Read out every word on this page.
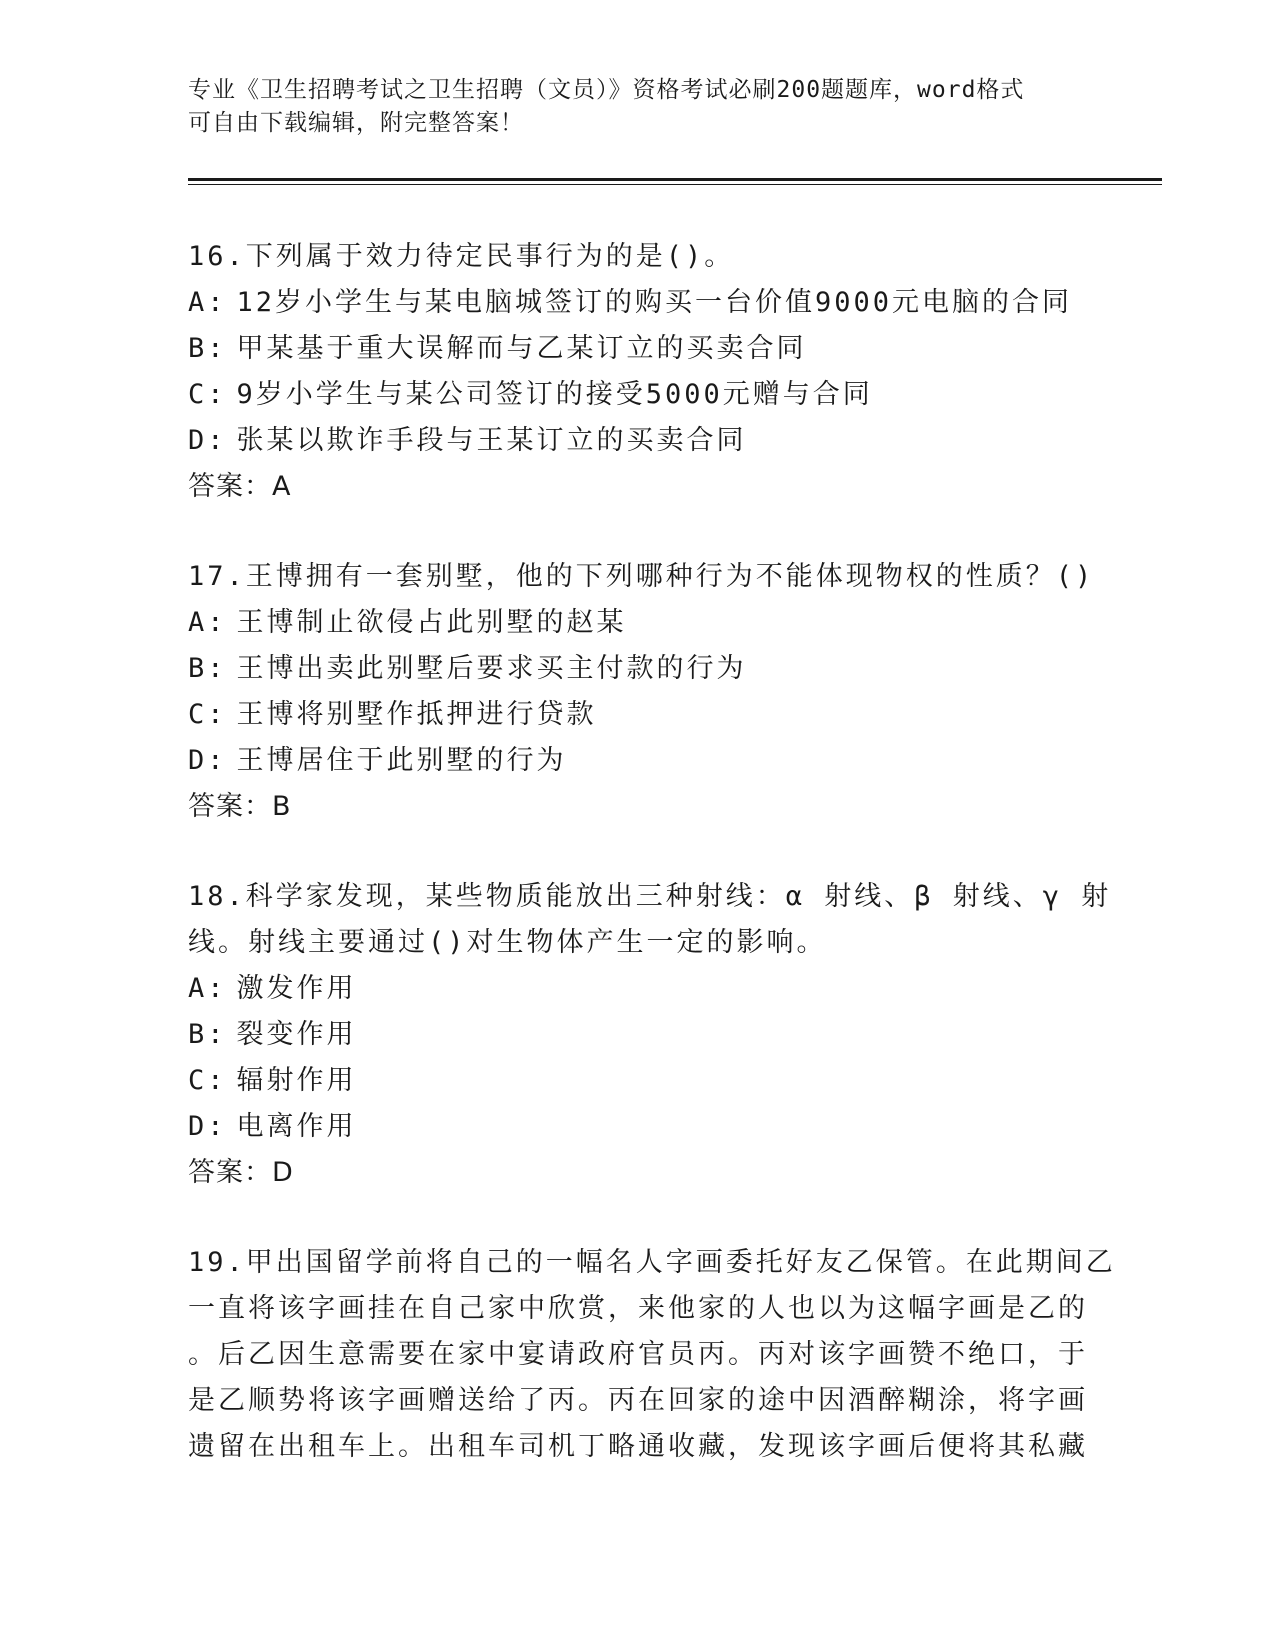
专业《卫生招聘考试之卫生招聘（文员）》资格考试必刷200题题库，word格式
可自由下载编辑，附完整答案！
16.下列属于效力待定民事行为的是()。
A: 12岁小学生与某电脑城签订的购买一台价值9000元电脑的合同
B: 甲某基于重大误解而与乙某订立的买卖合同
C: 9岁小学生与某公司签订的接受5000元赠与合同
D: 张某以欺诈手段与王某订立的买卖合同
答案：A
17.王博拥有一套别墅，他的下列哪种行为不能体现物权的性质？()
A: 王博制止欲侵占此别墅的赵某
B: 王博出卖此别墅后要求买主付款的行为
C: 王博将别墅作抵押进行贷款
D: 王博居住于此别墅的行为
答案：B
18.科学家发现，某些物质能放出三种射线：α 射线、β 射线、γ 射
线。射线主要通过()对生物体产生一定的影响。
A: 激发作用
B: 裂变作用
C: 辐射作用
D: 电离作用
答案：D
19.甲出国留学前将自己的一幅名人字画委托好友乙保管。在此期间乙
一直将该字画挂在自己家中欣赏，来他家的人也以为这幅字画是乙的
。后乙因生意需要在家中宴请政府官员丙。丙对该字画赞不绝口，于
是乙顺势将该字画赠送给了丙。丙在回家的途中因酒醉糊涂，将字画
遗留在出租车上。出租车司机丁略通收藏，发现该字画后便将其私藏
